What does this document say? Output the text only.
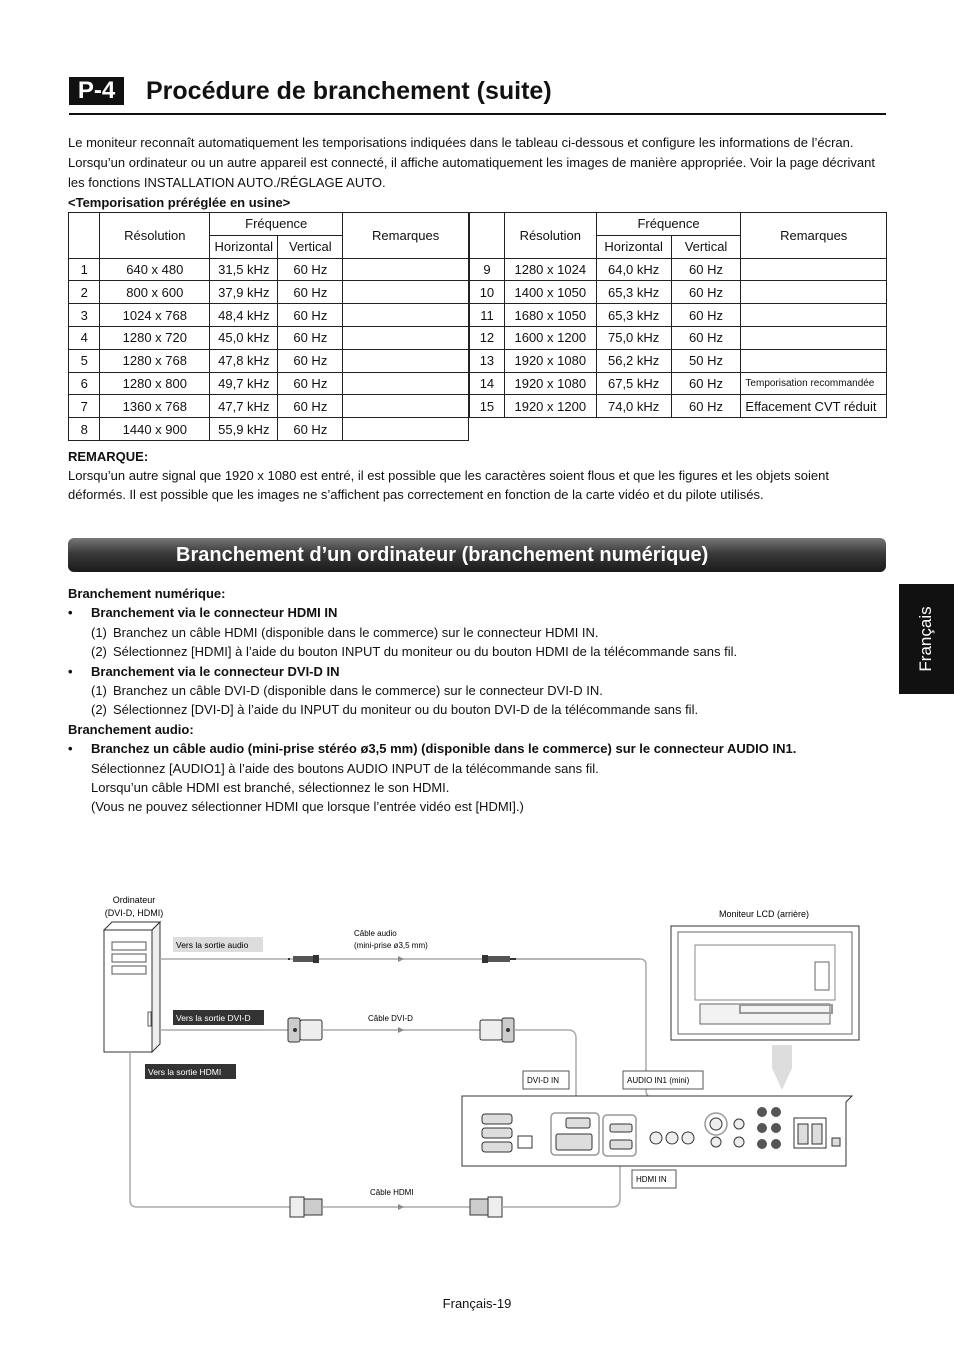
P-4	Procédure de branchement (suite)
Le moniteur reconnaît automatiquement les temporisations indiquées dans le tableau ci-dessous et configure les informations de l’écran. Lorsqu’un ordinateur ou un autre appareil est connecté, il affiche automatiquement les images de manière appropriée. Voir la page décrivant les fonctions INSTALLATION AUTO./RÉGLAGE AUTO.
<Temporisation préréglée en usine>
	Résolution	Fréquence		Remarques
		Horizontal	Vertical	
1	640 x 480	31,5 kHz	60 Hz	
2	800 x 600	37,9 kHz	60 Hz	
3	1024 x 768	48,4 kHz	60 Hz	
4	1280 x 720	45,0 kHz	60 Hz	
5	1280 x 768	47,8 kHz	60 Hz	
6	1280 x 800	49,7 kHz	60 Hz	
7	1360 x 768	47,7 kHz	60 Hz	
8	1440 x 900	55,9 kHz	60 Hz	
	Résolution	Fréquence		Remarques
		Horizontal	Vertical	
9	1280 x 1024	64,0 kHz	60 Hz	
10	1400 x 1050	65,3 kHz	60 Hz	
11	1680 x 1050	65,3 kHz	60 Hz	
12	1600 x 1200	75,0 kHz	60 Hz	
13	1920 x 1080	56,2 kHz	50 Hz	
14	1920 x 1080	67,5 kHz	60 Hz	Temporisation recommandée
15	1920 x 1200	74,0 kHz	60 Hz	Effacement CVT réduit
REMARQUE:
Lorsqu’un autre signal que 1920 x 1080 est entré, il est possible que les caractères soient flous et que les figures et les objets soient déformés. Il est possible que les images ne s’affichent pas correctement en fonction de la carte vidéo et du pilote utilisés.
Branchement d’un ordinateur (branchement numérique)
Français
Branchement numérique:
• Branchement via le connecteur HDMI IN
(1) Branchez un câble HDMI (disponible dans le commerce) sur le connecteur HDMI IN.
(2) Sélectionnez [HDMI] à l’aide du bouton INPUT du moniteur ou du bouton HDMI de la télécommande sans fil.
• Branchement via le connecteur DVI-D IN
(1) Branchez un câble DVI-D (disponible dans le commerce) sur le connecteur DVI-D IN.
(2) Sélectionnez [DVI-D] à l’aide du INPUT du moniteur ou du bouton DVI-D de la télécommande sans fil.
Branchement audio:
• Branchez un câble audio (mini-prise stéréo ø3,5 mm) (disponible dans le commerce) sur le connecteur AUDIO IN1.
Sélectionnez [AUDIO1] à l’aide des boutons AUDIO INPUT de la télécommande sans fil.
Lorsqu’un câble HDMI est branché, sélectionnez le son HDMI.
(Vous ne pouvez sélectionner HDMI que lorsque l’entrée vidéo est [HDMI].)
Ordinateur
(DVI-D, HDMI)
Vers la sortie audio
Vers la sortie DVI-D
Vers la sortie HDMI
Câble audio
(mini-prise ø3,5 mm)
Câble DVI-D
Câble HDMI
Moniteur LCD (arrière)
DVI-D IN	AUDIO IN1 (mini)
HDMI IN
Français-19
